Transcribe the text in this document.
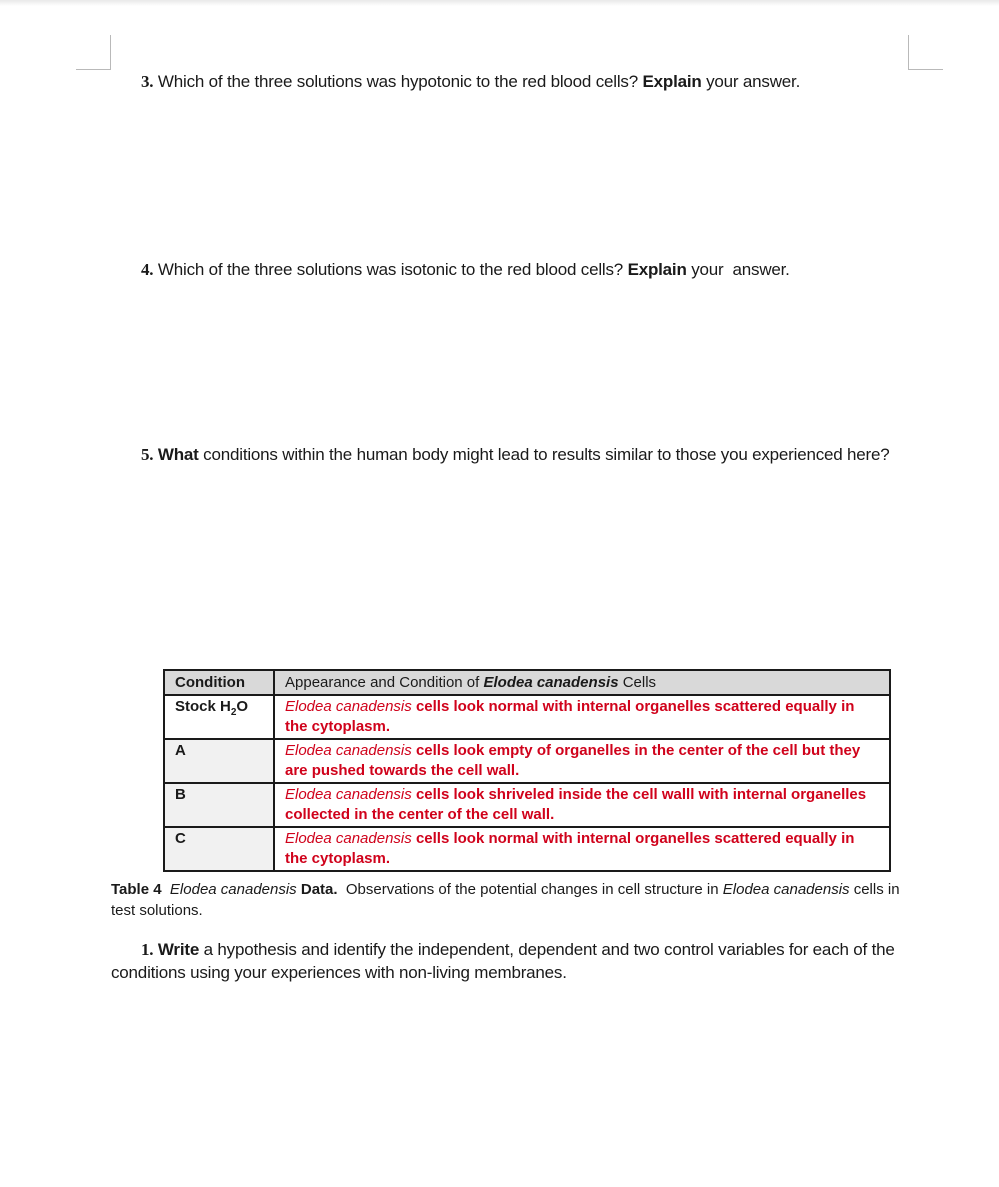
3. Which of the three solutions was hypotonic to the red blood cells? Explain your answer.
4. Which of the three solutions was isotonic to the red blood cells? Explain your  answer.
5. What conditions within the human body might lead to results similar to those you experienced here?
Condition	Appearance and Condition of Elodea canadensis Cells
Stock $H_2O$	Elodea canadensis cells look normal with internal organelles scattered equally in the cytoplasm.
A	Elodea canadensis cells look empty of organelles in the center of the cell but they are pushed towards the cell wall.
B	Elodea canadensis cells look shriveled inside the cell walll with internal organelles collected in the center of the cell wall.
C	Elodea canadensis cells look normal with internal organelles scattered equally in the cytoplasm.
Table 4 Elodea canadensis Data. Observations of the potential changes in cell structure in Elodea canadensis cells in test solutions.
1. Write a hypothesis and identify the independent, dependent and two control variables for each of the conditions using your experiences with non-living membranes.
